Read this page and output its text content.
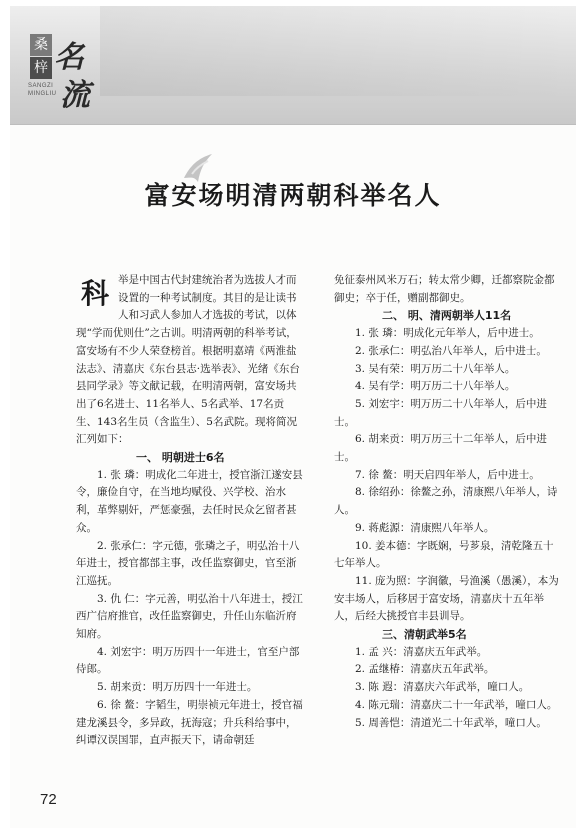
桑
梓 名
流
SANGZI
MINGLIU
富安场明清两朝科举名人

科 举是中国古代封建统治者为选拔人才而设置的一种考试制度。其目的是让读书人和习武人参加人才选拔的考试，以体现“学而优则仕”之古训。明清两朝的科举考试，富安场有不少人荣登榜首。根据明嘉靖《两淮盐法志》、清嘉庆《东台县志·选举表》、光绪《东台县同学录》等文献记载，在明清两朝，富安场共出了6名进士、11名举人、5名武举、17名贡生、143名生员（含监生）、5名武院。现将简况汇列如下：

一、 明朝进士6名

1. 张 璘：明成化二年进士，授官浙江遂安县令，廉俭自守，在当地均赋役、兴学校、治水利，革弊剔奸，严惩豪强，去任时民众乞留者甚众。

2. 张承仁：字元德，张璘之子，明弘治十八年进士，授官都部主事，改任监察御史，官至浙江巡抚。

3. 仇 仁：字元善，明弘治十八年进士，授江西广信府推官，改任监察御史，升任山东临沂府知府。

4. 刘宏宇：明万历四十一年进士，官至户部侍郎。

5. 胡来贡：明万历四十一年进士。

6. 徐 鳌：字韬生，明崇祯元年进士，授官福建龙溪县令，多异政，抚海寇；升兵科给事中，纠谭汉误国罪，直声振天下，请命朝廷

免征泰州风米万石；转太常少卿，迁都察院金都御史；卒于任，赠副都御史。

二、 明、清两朝举人11名

1. 张 璘：明成化元年举人，后中进士。

2. 张承仁：明弘治八年举人，后中进士。

3. 吴有荣：明万历二十八年举人。

4. 吴有学：明万历二十八年举人。

5. 刘宏宇：明万历二十八年举人，后中进士。

6. 胡来贡：明万历三十二年举人，后中进士。

7. 徐 鳌：明天启四年举人，后中进士。

8. 徐绍孙：徐鳌之孙，清康熙八年举人，诗人。

9. 蒋彪源：清康熙八年举人。

10. 姜本德：字既娴，号芗泉，清乾隆五十七年举人。

11. 庞为照：字润徽，号渔溪（愚溪），本为安丰场人，后移居于富安场，清嘉庆十五年举人，后经大挑授官丰县训导。

三、清朝武举5名

1. 孟 兴：清嘉庆五年武举。

2. 孟继椿：清嘉庆五年武举。

3. 陈 遐：清嘉庆六年武举，噇口人。

4. 陈元瑞：清嘉庆二十一年武举，噇口人。

5. 周善恺：清道光二十年武举，噇口人。

72
